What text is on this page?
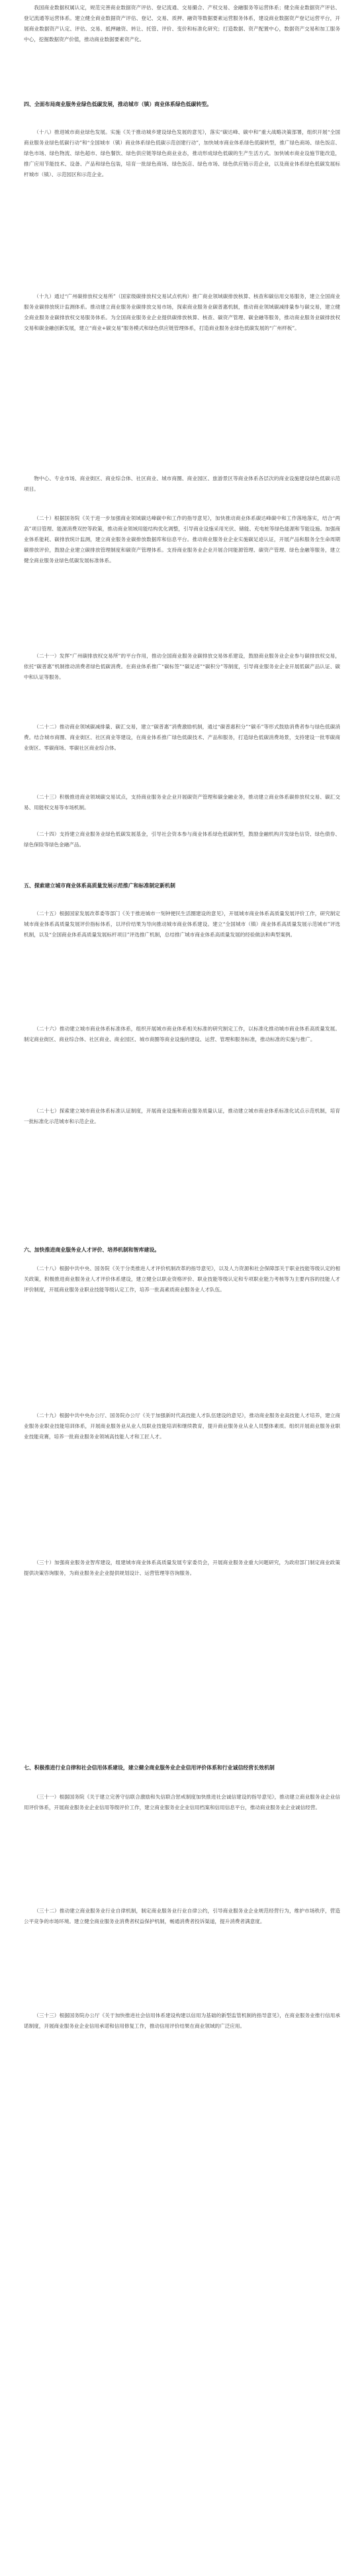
我国商业数据权属认定，规范完善商业数据资产评估、登记流通、交易撮合、产权交易、金融服务等运营体系；健全商业数据资产评估、登记流通等运营体系。建立健全商业数据资产评估、登记、交易、质押、融资等数据要素运营服务体系，建设商业数据资产登记运营平台，开展商业数据资产认定、评估、交易、抵押融资、转让、托管、评价、变价和标准化研究；打造数据、资产配置中心，数据资产交易和加工服务中心，挖掘数据资产价值，推动商业数据要素资产化。
四、全面布局商业服务业绿色低碳发展，推动城市（镇）商业体系绿色低碳转型。
（十八）推进城市商业绿色发展。实施《关于推动城乡建设绿色发展的意见》，落实“碳达峰、碳中和”重大战略决策部署，组织开展“全国商业服务业绿色低碳行动”和“全国城市（镇）商业体系绿色低碳示范创建行动”，加快城市商业体系绿色低碳转型，推广绿色商场、绿色饭店、绿色市场、绿色物流、绿色超市、绿色餐饮、绿色供应链等绿色商业业态，推动形成绿色低碳的生产生活方式。加快城市商业设施节能改造，推广应用节能技术、设备、产品和绿色包装，培育一批绿色商场、绿色饭店、绿色市场、绿色供应链示范企业，以及商业体系绿色低碳发展标杆城市（镇）、示范园区和示范企业。
（十九）通过“广州碳排放权交易所”（国家级碳排放权交易试点机构）推广商业领域碳排放核算、核查和碳信用交易服务，建立全国商业服务业碳排放统计监测体系。推动建立商业服务业碳排放交易市场，探索商业服务业碳普惠机制，推动商业领域碳减排量参与碳交易，建立健全商业服务业碳排放权交易服务体系。为全国商业服务业企业提供碳排放核算、核查、碳资产管理、碳金融等服务，推动商业服务业碳排放权交易和碳金融创新发展，建立“商业+碳交易”服务模式和绿色供应链管理体系，打造商业服务业绿色低碳发展的“广州样板”。
物中心、专业市场、商业街区、商业综合体、社区商业、城市商圈、商业园区、旅游景区等商业体系各层次的商业设施建设绿色低碳示范项目。
（二十）根据国务院《关于进一步加强商业领域碳达峰碳中和工作的指导意见》，加快推动商业体系碳达峰碳中和工作落地落实，结合“两高”项目管理、能源消费双控等政策，推动商业领域用能结构优化调整，引导商业设施采用光伏、储能、充电桩等绿色能源和节能设施。加强商业体系能耗、碳排放统计监测，建立商业服务业碳排放数据库和信息平台。推动商业服务业企业实施碳足迹认证，开展产品和服务全生命周期碳排放评价，鼓励企业建立碳排放管理制度和碳资产管理体系。支持商业服务业企业开展合同能源管理、碳资产管理、绿色金融等服务，建立健全商业服务业绿色低碳发展标准体系。
（二十一）发挥“广州碳排放权交易所”的平台作用，推动全国商业服务业碳排放交易体系建设，鼓励商业服务业企业参与碳排放权交易，依托“碳普惠”机制推动消费者绿色低碳消费。在商业体系推广“碳标签”“碳足迹”“碳积分”等制度，引导商业服务业企业开展低碳产品认证、碳中和认证等服务。
（二十二）推动商业领域碳减排量、碳汇交易，建立“碳普惠”消费激励机制，通过“碳普惠积分”“碳币”等形式鼓励消费者参与绿色低碳消费。结合城市商圈、商业街区、社区商业等建设，在商业体系推广绿色低碳技术、产品和服务，打造绿色低碳消费场景，支持建设一批零碳商业街区、零碳商场、零碳社区商业综合体。
（二十三）积极推进商业领域碳交易试点，支持商业服务业企业开展碳资产管理和碳金融业务，推动建立商业体系碳排放权交易、碳汇交易、用能权交易等市场机制。
（二十四）支持建立商业服务业绿色低碳发展基金，引导社会资本参与商业体系绿色低碳转型，鼓励金融机构开发绿色信贷、绿色债券、绿色保险等绿色金融产品。
五、探索建立城市商业体系高质量发展示范推广和标准制定新机制
（二十五）根据国家发展改革委等部门《关于推进城市一刻钟便民生活圈建设的意见》，开展城市商业体系高质量发展评价工作，研究制定城市商业体系高质量发展评价指标体系，以评价结果为导向推动城市商业体系建设。建立“全国城市（镇）商业体系高质量发展示范城市”评选机制，以及“全国商业体系高质量发展标杆项目”评选推广机制，总结推广城市商业体系高质量发展的经验做法和典型案例。
（二十六）推动建立城市商业体系标准体系，组织开展城市商业体系相关标准的研究制定工作，以标准化推动城市商业体系高质量发展。制定商业街区、商业综合体、社区商业、商业园区、城市商圈等商业设施的建设、运营、管理和服务标准，推动标准的实施与推广。
（二十七）探索建立城市商业体系标准认证制度，开展商业设施和商业服务质量认证，推动建立城市商业体系标准化试点示范机制，培育一批标准化示范城市和示范企业。
六、加快推进商业服务业人才评价、培养机制和智库建设。
（二十八）根据中共中央、国务院《关于分类推进人才评价机制改革的指导意见》，以及人力资源和社会保障部关于职业技能等级认定的相关政策，积极推进商业服务业人才评价体系建设，建立健全以职业资格评价、职业技能等级认定和专项职业能力考核等为主要内容的技能人才评价制度，开展商业服务业职业技能等级认定工作，培养一批高素质商业服务业人才队伍。
（二十九）根据中共中央办公厅、国务院办公厅《关于加强新时代高技能人才队伍建设的意见》，推动商业服务业高技能人才培养，建立商业服务业职业技能培训体系，开展商业服务业从业人员职业技能培训和继续教育，提升商业服务业从业人员整体素质。组织开展商业服务业职业技能竞赛，培养一批商业服务业领域高技能人才和工匠人才。
（三十）加强商业服务业智库建设，组建城市商业体系高质量发展专家委员会，开展商业服务业重大问题研究，为政府部门制定商业政策提供决策咨询服务，为商业服务业企业提供规划设计、运营管理等咨询服务。
七、积极推进行业自律和社会信用体系建设，建立健全商业服务业企业信用评价体系和行业诚信经营长效机制
（三十一）根据国务院《关于建立完善守信联合激励和失信联合惩戒制度加快推进社会诚信建设的指导意见》，推动建立商业服务业企业信用评价体系，开展商业服务业企业信用等级评价工作，建立商业服务业企业信用档案和信用信息平台，推动商业服务业企业诚信经营。
（三十二）推动建立商业服务业行业自律机制，制定商业服务业行业自律公约，引导商业服务业企业规范经营行为，维护市场秩序，营造公平竞争的市场环境。建立健全商业服务业消费者权益保护机制，畅通消费者投诉渠道，提升消费者满意度。
（三十三）根据国务院办公厅《关于加快推进社会信用体系建设构建以信用为基础的新型监管机制的指导意见》，在商业服务业推行信用承诺制度，开展商业服务业企业信用承诺和信用修复工作，推动信用评价结果在商业领域的广泛应用。
